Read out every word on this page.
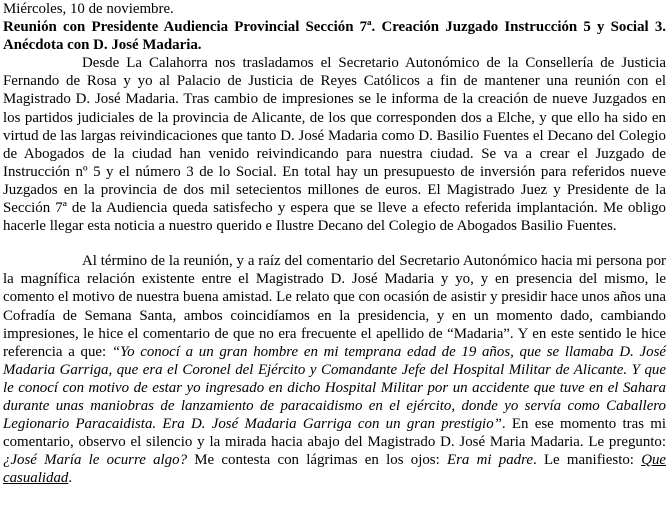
Miércoles, 10 de noviembre.

Reunión con Presidente Audiencia Provincial Sección 7ª. Creación Juzgado Instrucción 5 y Social 3. Anécdota con D. José Madaria.

Desde La Calahorra nos trasladamos el Secretario Autonómico de la Consellería de Justicia Fernando de Rosa y yo al Palacio de Justicia de Reyes Católicos a fin de mantener una reunión con el Magistrado D. José Madaria. Tras cambio de impresiones se le informa de la creación de nueve Juzgados en los partidos judiciales de la provincia de Alicante, de los que corresponden dos a Elche, y que ello ha sido en virtud de las largas reivindicaciones que tanto D. José Madaria como D. Basilio Fuentes el Decano del Colegio de Abogados de la ciudad han venido reivindicando para nuestra ciudad. Se va a crear el Juzgado de Instrucción nº 5 y el número 3 de lo Social. En total hay un presupuesto de inversión para referidos nueve Juzgados en la provincia de dos mil setecientos millones de euros. El Magistrado Juez y Presidente de la Sección 7ª de la Audiencia queda satisfecho y espera que se lleve a efecto referida implantación. Me obligo hacerle llegar esta noticia a nuestro querido e Ilustre Decano del Colegio de Abogados Basilio Fuentes.

Al término de la reunión, y a raíz del comentario del Secretario Autonómico hacia mi persona por la magnífica relación existente entre el Magistrado D. José Madaria y yo, y en presencia del mismo, le comento el motivo de nuestra buena amistad. Le relato que con ocasión de asistir y presidir hace unos años una Cofradía de Semana Santa, ambos coincidíamos en la presidencia, y en un momento dado, cambiando impresiones, le hice el comentario de que no era frecuente el apellido de “Madaria”. Y en este sentido le hice referencia a que: “Yo conocí a un gran hombre en mi temprana edad de 19 años, que se llamaba D. José Madaria Garriga, que era el Coronel del Ejército y Comandante Jefe del Hospital Militar de Alicante. Y que le conocí con motivo de estar yo ingresado en dicho Hospital Militar por un accidente que tuve en el Sahara durante unas maniobras de lanzamiento de paracaidismo en el ejército, donde yo servía como Caballero Legionario Paracaidista. Era D. José Madaria Garriga con un gran prestigio”. En ese momento tras mi comentario, observo el silencio y la mirada hacia abajo del Magistrado D. José Maria Madaria. Le pregunto: ¿José María le ocurre algo? Me contesta con lágrimas en los ojos: Era mi padre. Le manifiesto: Que casualidad.
